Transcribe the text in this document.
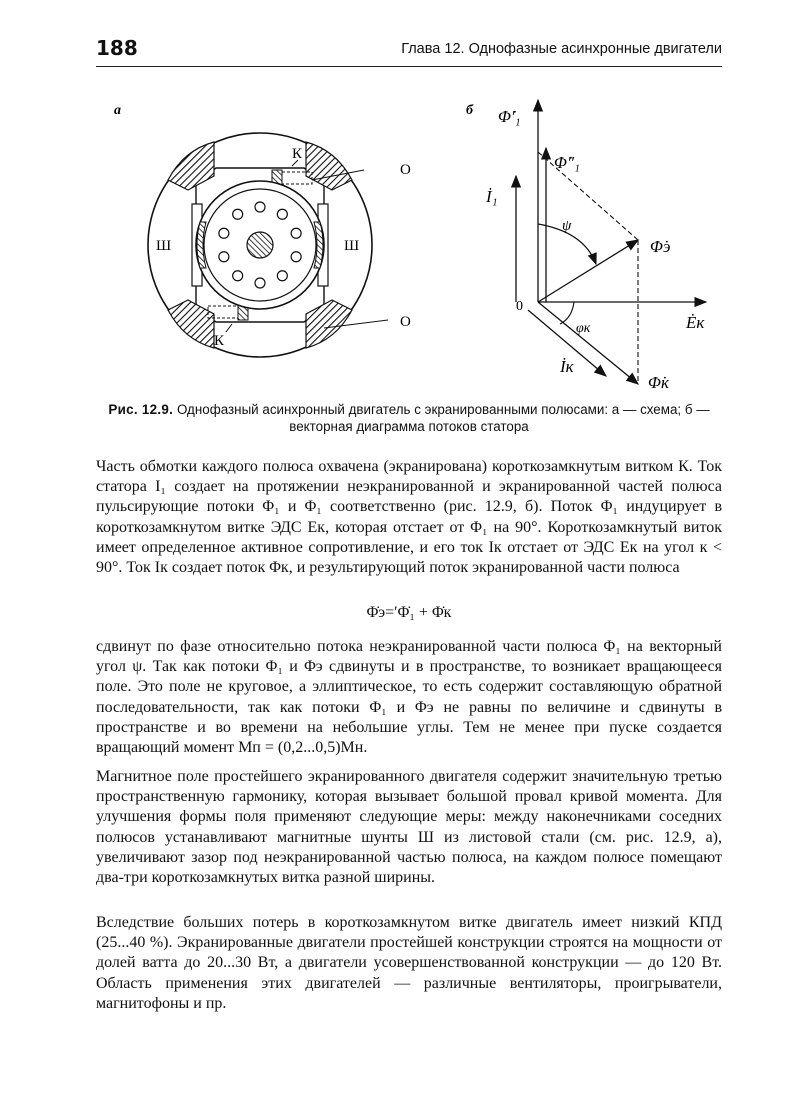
188	Глава 12. Однофазные асинхронные двигатели
а
К
К
О
О
Ш	Ш
б Φ̇′₁
Φ̇″₁
İ₁
ψ
Φ̇э
0
φк	Ėк
İк
Φ̇к
Рис. 12.9. Однофазный асинхронный двигатель с экранированными полюсами: а — схема; б — векторная диаграмма потоков статора

Часть обмотки каждого полюса охвачена (экранирована) короткозамкнутым витком К. Ток статора I₁ создает на протяжении неэкранированной и экранированной частей полюса пульсирующие потоки Φ₁ и Φ₁ соответственно (рис. 12.9, б). Поток Φ₁ индуцирует в короткозамкнутом витке ЭДС Eк, которая отстает от Φ₁ на 90°. Короткозамкнутый виток имеет определенное активное сопротивление, и его ток Iк отстает от ЭДС Eк на угол к < 90°. Ток Iк создает поток Φк, и результирующий поток экранированной части полюса

Φ̇э=′Φ̇₁ + Φ̇к

сдвинут по фазе относительно потока неэкранированной части полюса Φ₁ на векторный угол ψ. Так как потоки Φ₁ и Φэ сдвинуты и в пространстве, то возникает вращающееся поле. Это поле не круговое, а эллиптическое, то есть содержит составляющую обратной последовательности, так как потоки Φ₁ и Φэ не равны по величине и сдвинуты в пространстве и во времени на небольшие углы. Тем не менее при пуске создается вращающий момент Mп = (0,2...0,5)Mн.

Магнитное поле простейшего экранированного двигателя содержит значительную третью пространственную гармонику, которая вызывает большой провал кривой момента. Для улучшения формы поля применяют следующие меры: между наконечниками соседних полюсов устанавливают магнитные шунты Ш из листовой стали (см. рис. 12.9, а), увеличивают зазор под неэкранированной частью полюса, на каждом полюсе помещают два-три короткозамкнутых витка разной ширины.

Вследствие больших потерь в короткозамкнутом витке двигатель имеет низкий КПД (25...40 %). Экранированные двигатели простейшей конструкции строятся на мощности от долей ватта до 20...30 Вт, а двигатели усовершенствованной конструкции — до 120 Вт. Область применения этих двигателей — различные вентиляторы, проигрыватели, магнитофоны и пр.
